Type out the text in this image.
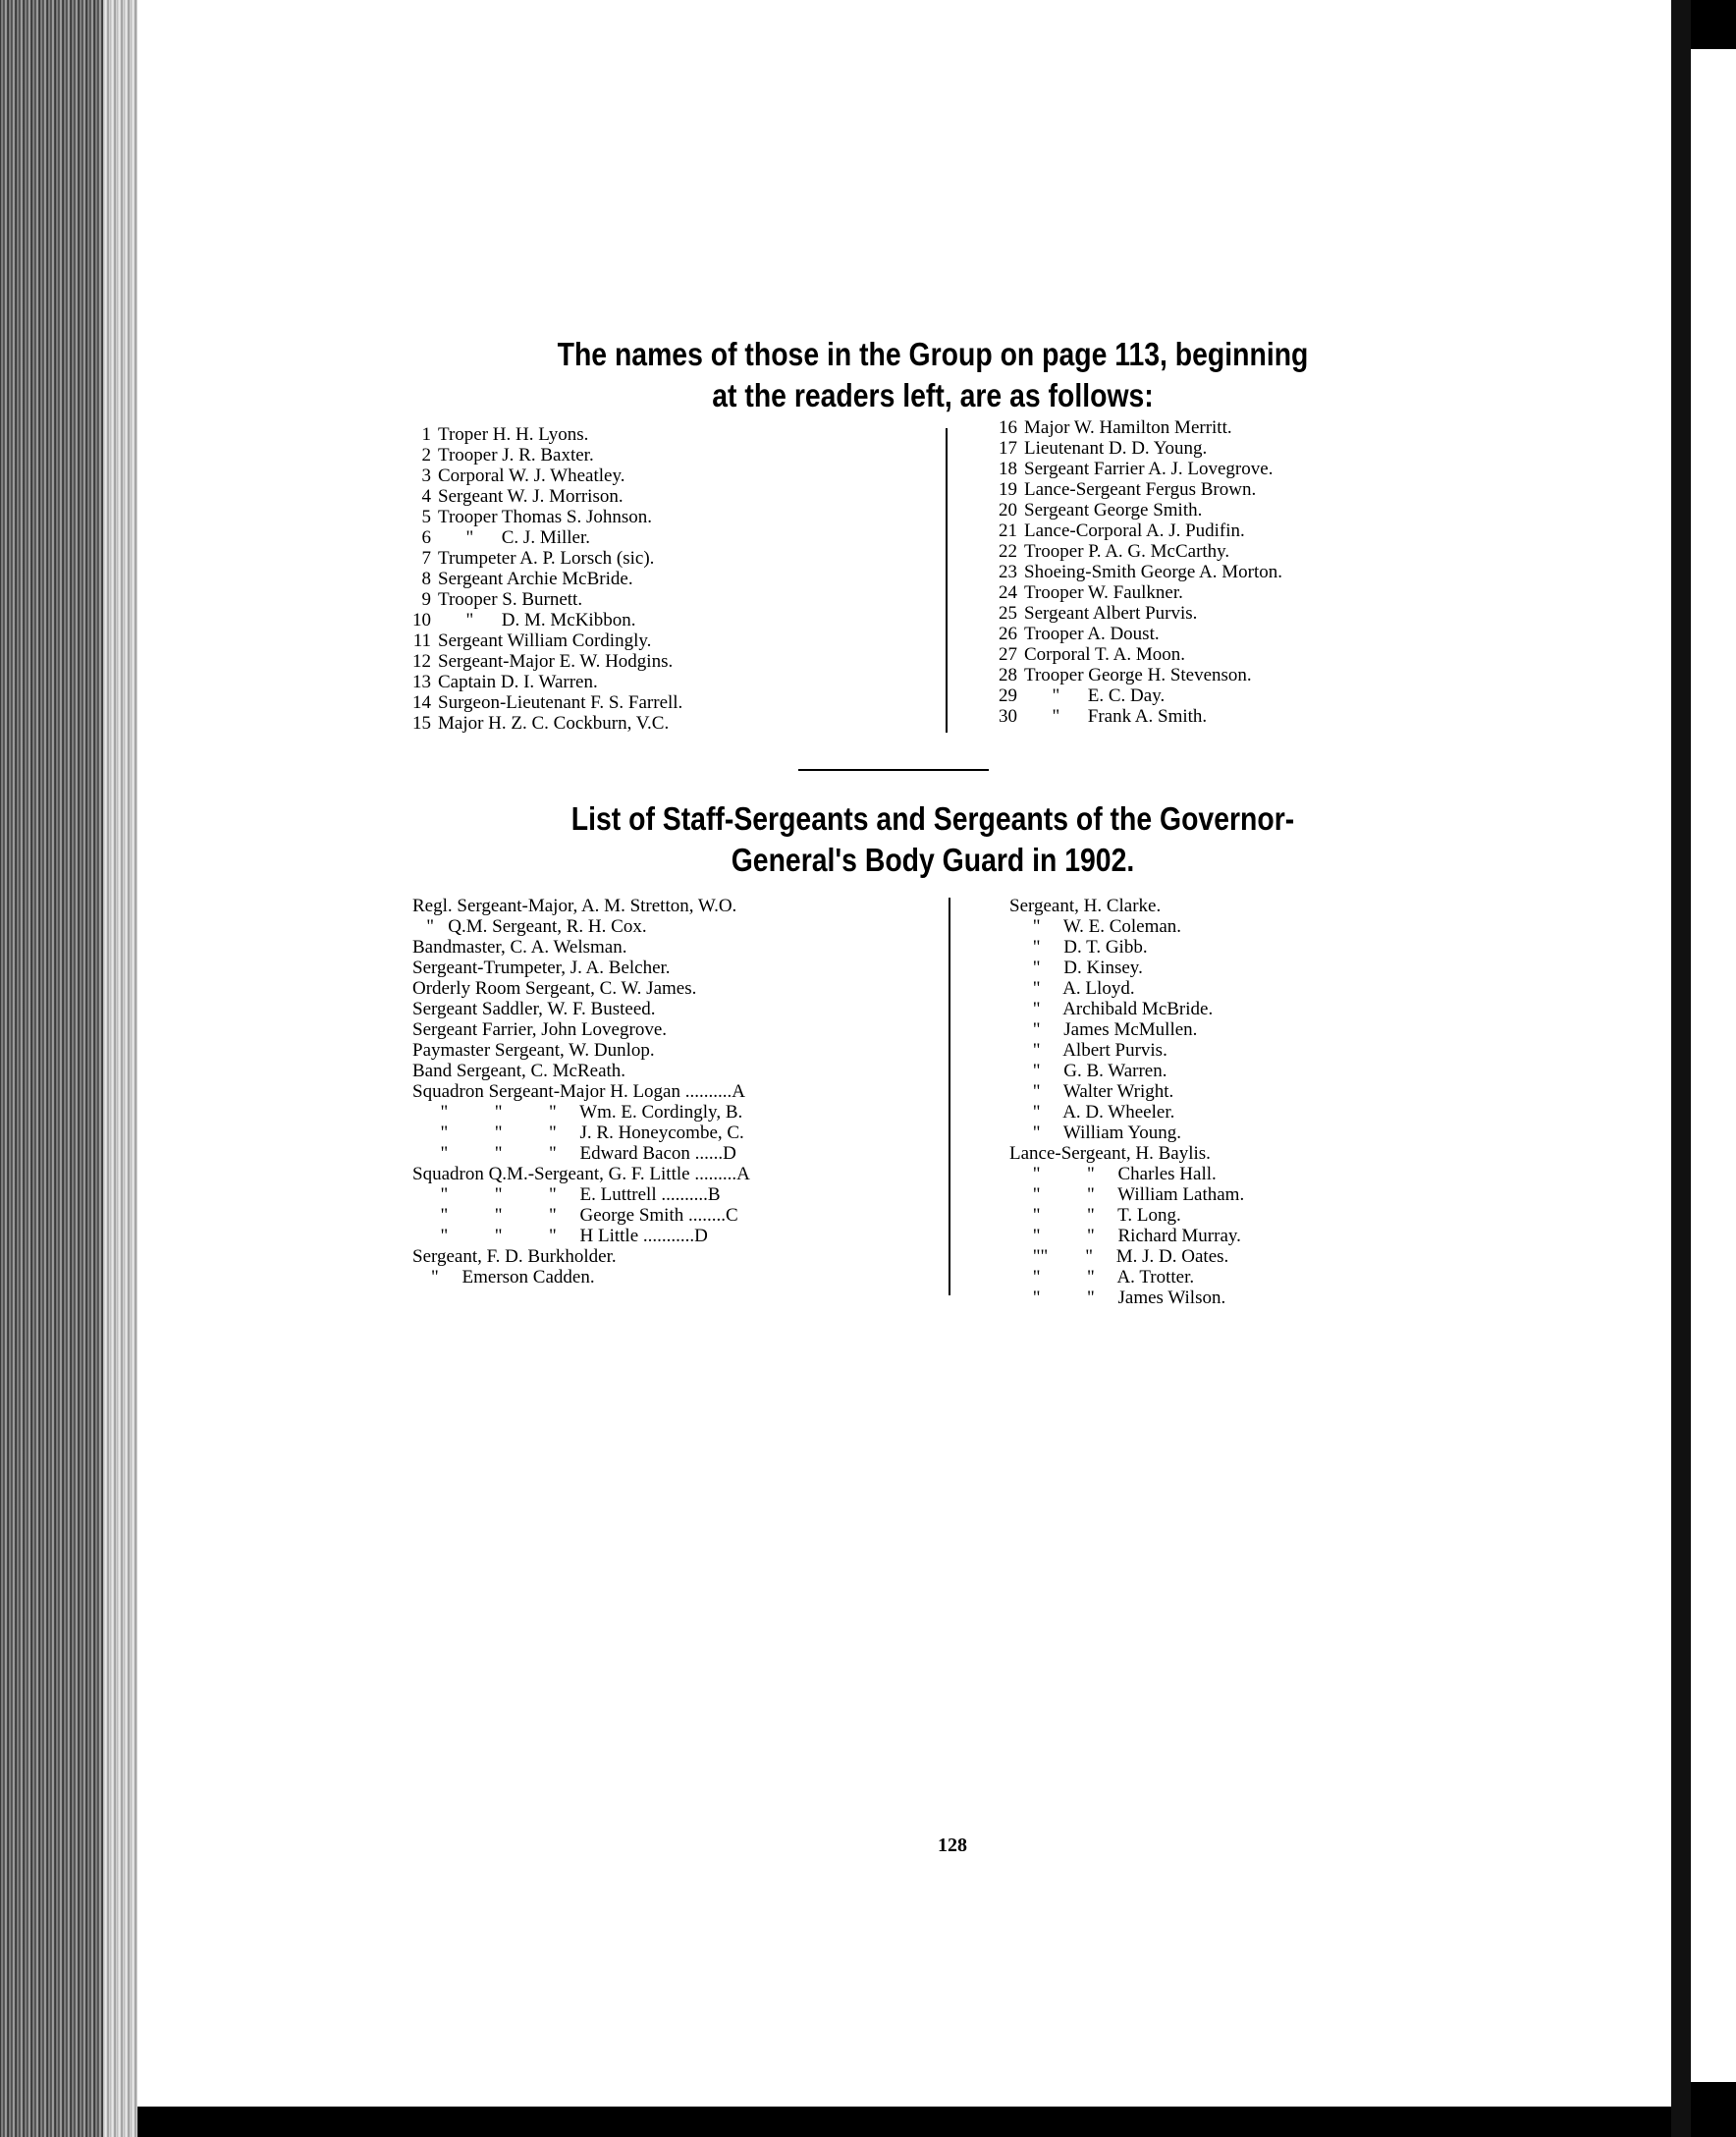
The names of those in the Group on page 113, beginning
at the readers left, are as follows:
1 Troper H. H. Lyons.
2 Trooper J. R. Baxter.
3 Corporal W. J. Wheatley.
4 Sergeant W. J. Morrison.
5 Trooper Thomas S. Johnson.
6      "      C. J. Miller.
7 Trumpeter A. P. Lorsch (sic).
8 Sergeant Archie McBride.
9 Trooper S. Burnett.
10      "      D. M. McKibbon.
11 Sergeant William Cordingly.
12 Sergeant-Major E. W. Hodgins.
13 Captain D. I. Warren.
14 Surgeon-Lieutenant F. S. Farrell.
15 Major H. Z. C. Cockburn, V.C.
16 Major W. Hamilton Merritt.
17 Lieutenant D. D. Young.
18 Sergeant Farrier A. J. Lovegrove.
19 Lance-Sergeant Fergus Brown.
20 Sergeant George Smith.
21 Lance-Corporal A. J. Pudifin.
22 Trooper P. A. G. McCarthy.
23 Shoeing-Smith George A. Morton.
24 Trooper W. Faulkner.
25 Sergeant Albert Purvis.
26 Trooper A. Doust.
27 Corporal T. A. Moon.
28 Trooper George H. Stevenson.
29      "      E. C. Day.
30      "      Frank A. Smith.
List of Staff-Sergeants and Sergeants of the Governor-
General's Body Guard in 1902.
Regl. Sergeant-Major, A. M. Stretton, W.O.
"   Q.M. Sergeant, R. H. Cox.
Bandmaster, C. A. Welsman.
Sergeant-Trumpeter, J. A. Belcher.
Orderly Room Sergeant, C. W. James.
Sergeant Saddler, W. F. Busteed.
Sergeant Farrier, John Lovegrove.
Paymaster Sergeant, W. Dunlop.
Band Sergeant, C. McReath.
Squadron Sergeant-Major H. Logan ..........A
"          "          "     Wm. E. Cordingly, B.
"          "          "     J. R. Honeycombe, C.
"          "          "     Edward Bacon ......D
Squadron Q.M.-Sergeant, G. F. Little .........A
"          "          "     E. Luttrell ..........B
"          "          "     George Smith ........C
"          "          "     H Little ...........D
Sergeant, F. D. Burkholder.
"     Emerson Cadden.
Sergeant, H. Clarke.
"     W. E. Coleman.
"     D. T. Gibb.
"     D. Kinsey.
"     A. Lloyd.
"     Archibald McBride.
"     James McMullen.
"     Albert Purvis.
"     G. B. Warren.
"     Walter Wright.
"     A. D. Wheeler.
"     William Young.
Lance-Sergeant, H. Baylis.
"          "     Charles Hall.
"          "     William Latham.
"          "     T. Long.
"          "     Richard Murray.
""        "     M. J. D. Oates.
"          "     A. Trotter.
"          "     James Wilson.
128
